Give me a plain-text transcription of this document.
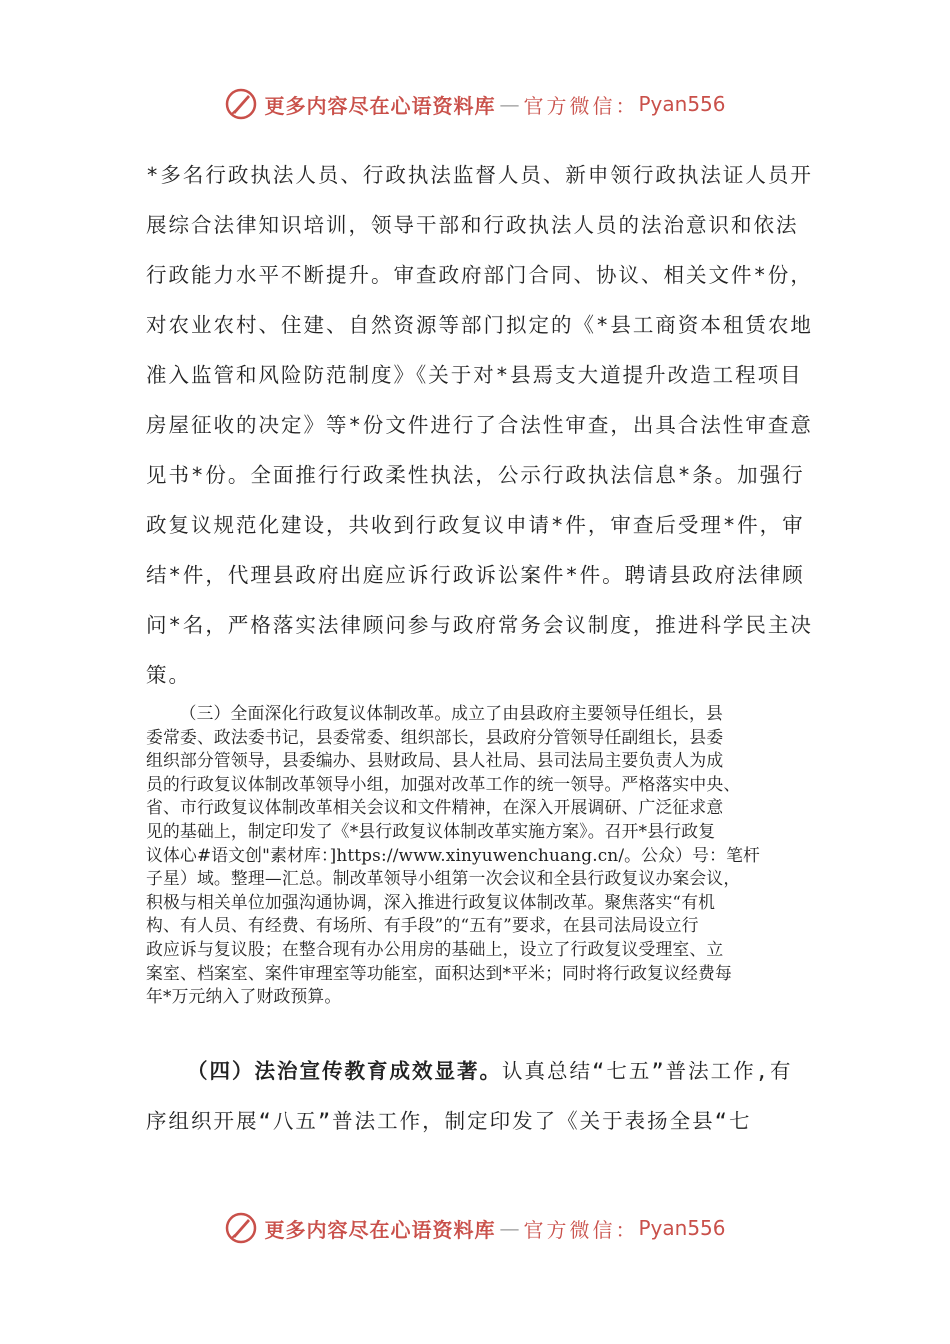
更多内容尽在心语资料库 — 官方微信： Pyan556
*多名行政执法人员、行政执法监督人员、新申领行政执法证人员开
展综合法律知识培训，领导干部和行政执法人员的法治意识和依法
行政能力水平不断提升。审查政府部门合同、协议、相关文件*份，
对农业农村、住建、自然资源等部门拟定的《*县工商资本租赁农地
准入监管和风险防范制度》《关于对*县焉支大道提升改造工程项目
房屋征收的决定》等*份文件进行了合法性审查，出具合法性审查意
见书*份。全面推行行政柔性执法，公示行政执法信息*条。加强行
政复议规范化建设，共收到行政复议申请*件，审查后受理*件，审
结*件，代理县政府出庭应诉行政诉讼案件*件。聘请县政府法律顾
问*名，严格落实法律顾问参与政府常务会议制度，推进科学民主决
策。
（三）全面深化行政复议体制改革。成立了由县政府主要领导任组长，县
委常委、政法委书记，县委常委、组织部长，县政府分管领导任副组长，县委
组织部分管领导，县委编办、县财政局、县人社局、县司法局主要负责人为成
员的行政复议体制改革领导小组，加强对改革工作的统一领导。严格落实中央、
省、市行政复议体制改革相关会议和文件精神，在深入开展调研、广泛征求意
见的基础上，制定印发了《*县行政复议体制改革实施方案》。召开*县行政复
议体心#语文创"素材库：]https://www.xinyuwenchuang.cn/。公众）号：笔杆
子星）域。整理—汇总。制改革领导小组第一次会议和全县行政复议办案会议，
积极与相关单位加强沟通协调，深入推进行政复议体制改革。聚焦落实“有机
构、有人员、有经费、有场所、有手段”的“五有”要求，在县司法局设立行
政应诉与复议股；在整合现有办公用房的基础上，设立了行政复议受理室、立
案室、档案室、案件审理室等功能室，面积达到*平米；同时将行政复议经费每
年*万元纳入了财政预算。
（四）法治宣传教育成效显著。认真总结“七五”普法工作,有
序组织开展“八五”普法工作，制定印发了《关于表扬全县“七
更多内容尽在心语资料库 — 官方微信： Pyan556
